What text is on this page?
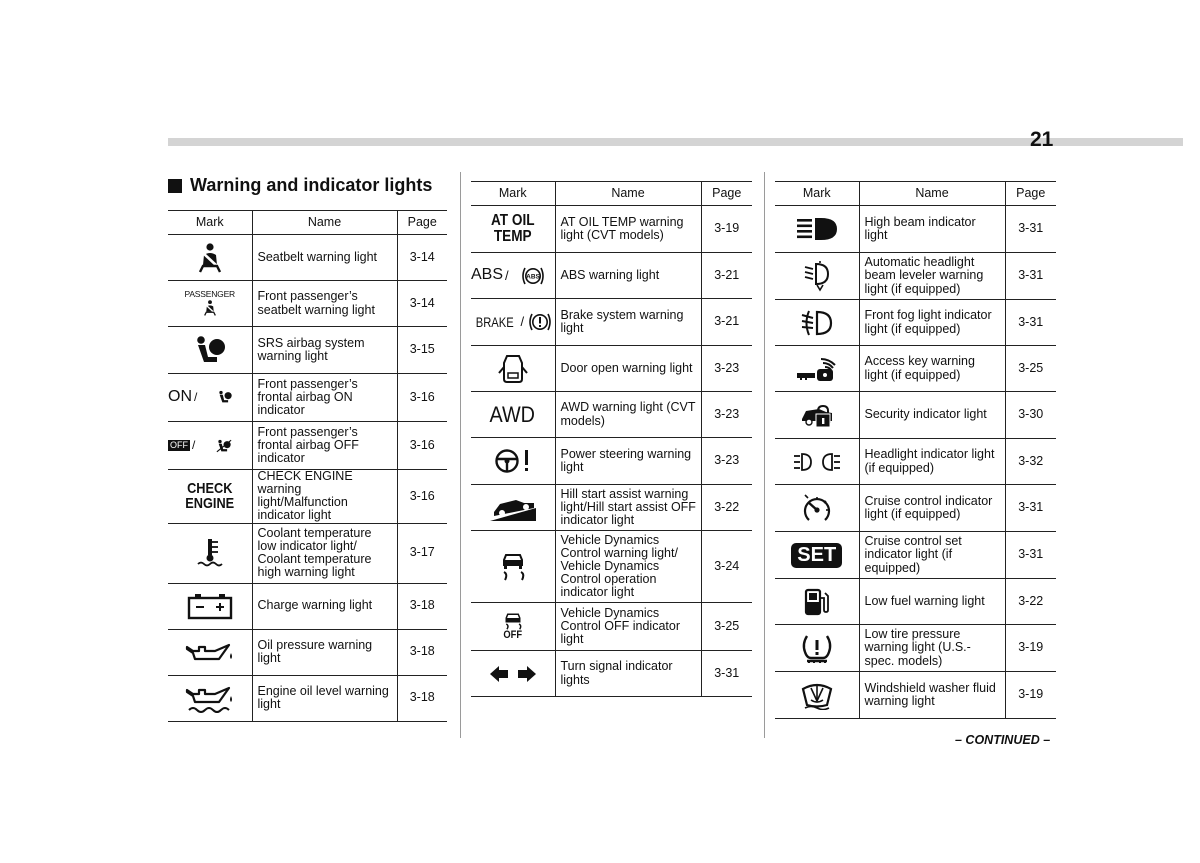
21
Warning and indicator lights
Mark	Name	Page

	Seatbelt warning light	3-14

PASSENGER	Front passenger’s seatbelt warning light	3-14

	SRS airbag system warning light	3-15

ON /	Front passenger’s frontal airbag ON indicator	3-16

OFF /	Front passenger’s frontal airbag OFF indicator	3-16

CHECK
ENGINE	CHECK ENGINE warning light/Malfunction indicator light	3-16

	Coolant temperature low indicator light/ Coolant temperature high warning light	3-17

	Charge warning light	3-18

	Oil pressure warning light	3-18

	Engine oil level warning light	3-18
Mark	Name	Page

AT OIL
TEMP	AT OIL TEMP warning light (CVT models)	3-19

ABS / ABS	ABS warning light	3-21

BRAKE /	Brake system warning light	3-21

	Door open warning light	3-23
AWD	AWD warning light (CVT models)	3-23

	Power steering warning light	3-23

	Hill start assist warning light/Hill start assist OFF indicator light	3-22

	Vehicle Dynamics Control warning light/ Vehicle Dynamics Control operation indicator light	3-24

OFF	Vehicle Dynamics Control OFF indicator light	3-25

	Turn signal indicator lights	3-31
Mark	Name	Page

	High beam indicator light	3-31

	Automatic headlight beam leveler warning light (if equipped)	3-31

	Front fog light indicator light (if equipped)	3-31

	Access key warning light (if equipped)	3-25

	Security indicator light	3-30

	Headlight indicator light (if equipped)	3-32

	Cruise control indicator light (if equipped)	3-31
SET	Cruise control set indicator light (if equipped)	3-31

	Low fuel warning light	3-22

	Low tire pressure warning light (U.S.-spec. models)	3-19

	Windshield washer fluid warning light	3-19
– CONTINUED –
